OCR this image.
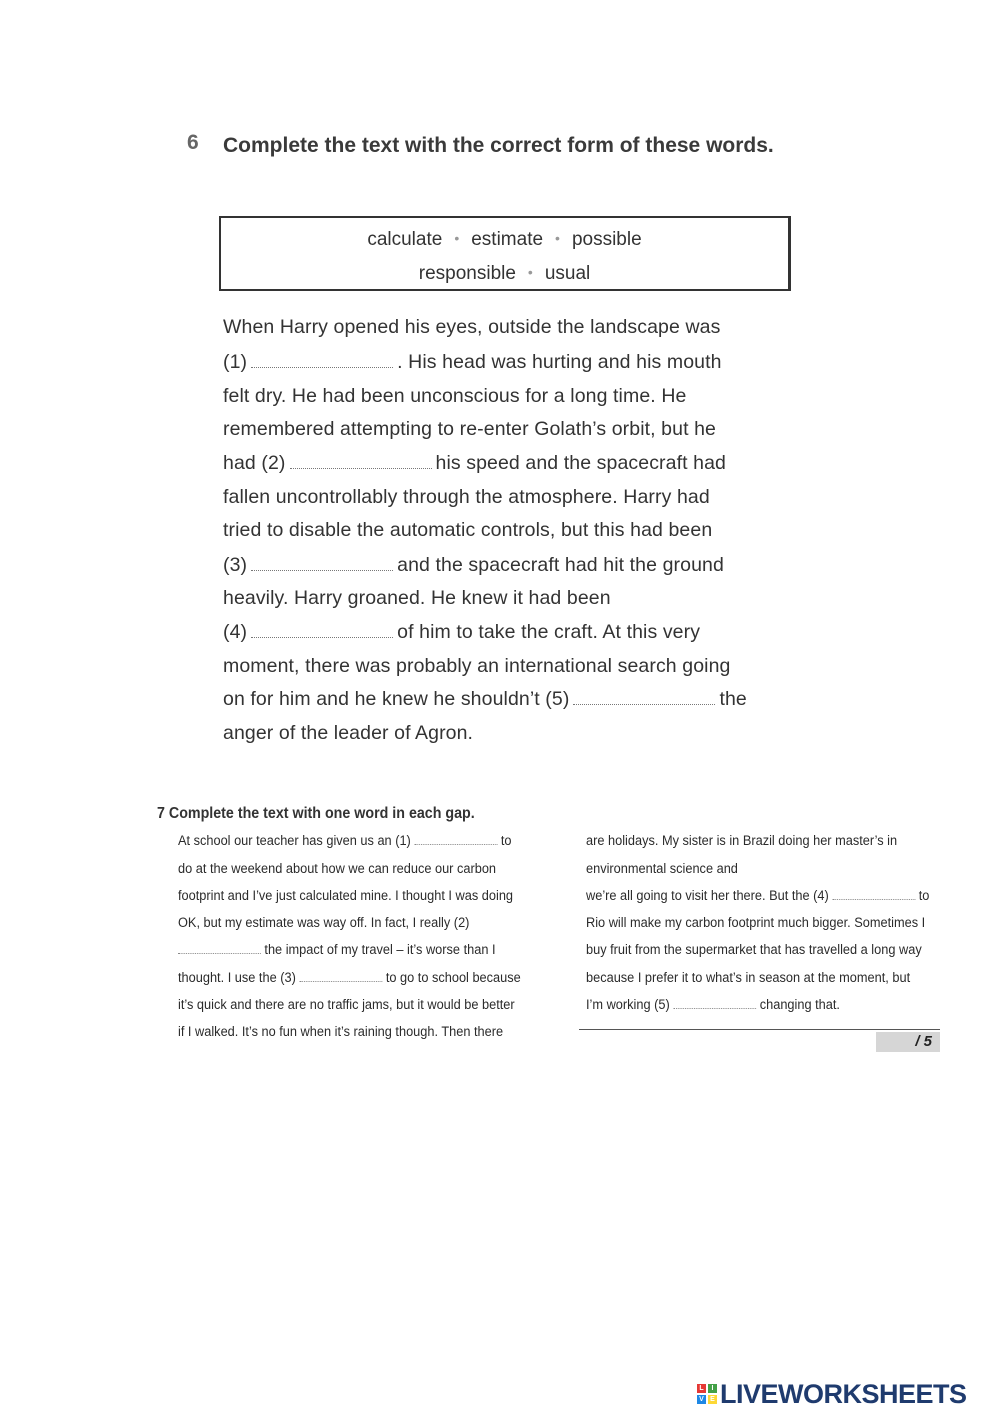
6 Complete the text with the correct form of these words.
calculate • estimate • possible
responsible • usual
When Harry opened his eyes, outside the landscape was
(1)	. His head was hurting and his mouth
felt dry. He had been unconscious for a long time. He
remembered attempting to re-enter Golath’s orbit, but he
had (2)	his speed and the spacecraft had
fallen uncontrollably through the atmosphere. Harry had
tried to disable the automatic controls, but this had been
(3)	and the spacecraft had hit the ground
heavily. Harry groaned. He knew it had been
(4)	of him to take the craft. At this very
moment, there was probably an international search going
on for him and he knew he shouldn’t (5)	the
anger of the leader of Agron.
7 Complete the text with one word in each gap.
At school our teacher has given us an (1)	to
do at the weekend about how we can reduce our carbon
footprint and I’ve just calculated mine. I thought I was doing
OK, but my estimate was way off. In fact, I really (2)
the impact of my travel – it’s worse than I
thought. I use the (3)	to go to school because
it’s quick and there are no traffic jams, but it would be better
if I walked. It’s no fun when it’s raining though. Then there
are holidays. My sister is in Brazil doing her master’s in
environmental science and
we’re all going to visit her there. But the (4)	to
Rio will make my carbon footprint much bigger. Sometimes I
buy fruit from the supermarket that has travelled a long way
because I prefer it to what’s in season at the moment, but
I’m working (5)	changing that.
/ 5
L	I
V E LIVEWORKSHEETS
